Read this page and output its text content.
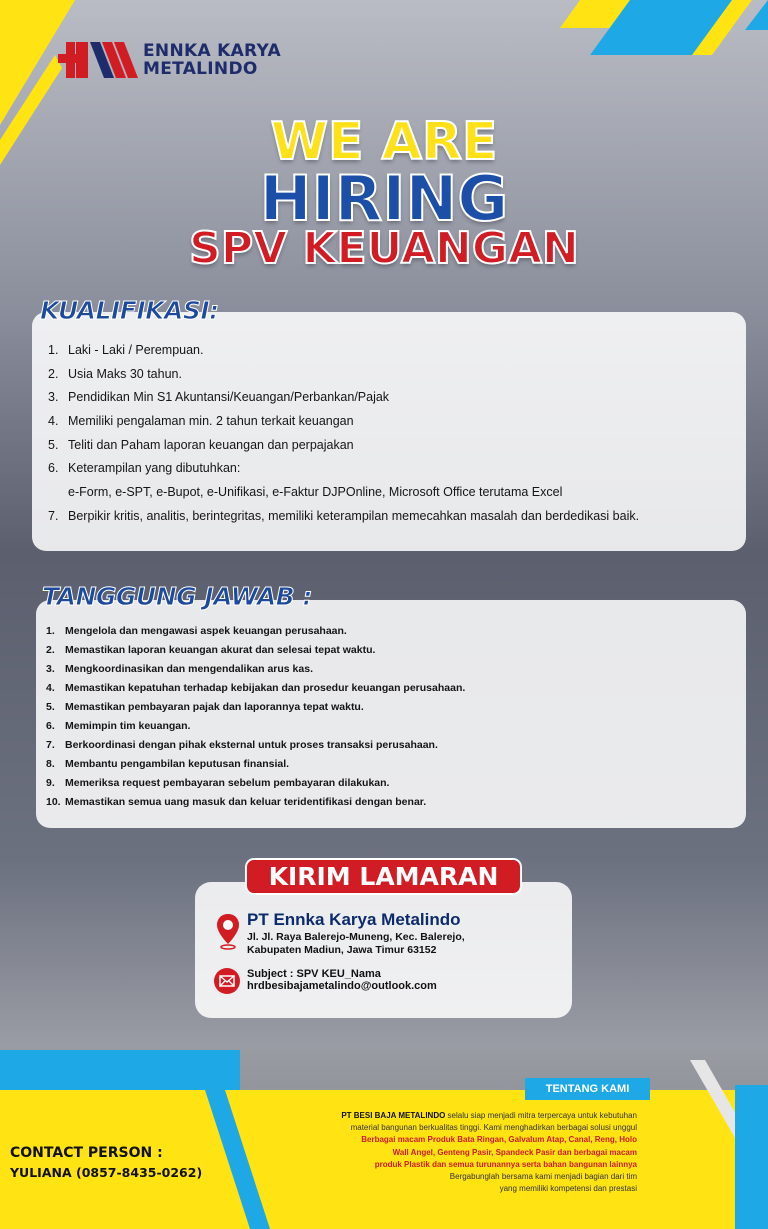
ENNKA KARYA
METALINDO
WE ARE
HIRING
SPV KEUANGAN
KUALIFIKASI:
1. Laki - Laki / Perempuan.
2. Usia Maks 30 tahun.
3. Pendidikan Min S1 Akuntansi/Keuangan/Perbankan/Pajak
4. Memiliki pengalaman min. 2 tahun terkait keuangan
5. Teliti dan Paham laporan keuangan dan perpajakan
6. Keterampilan yang dibutuhkan:
e-Form, e-SPT, e-Bupot, e-Unifikasi, e-Faktur DJPOnline, Microsoft Office terutama Excel
7. Berpikir kritis, analitis, berintegritas, memiliki keterampilan memecahkan masalah dan berdedikasi baik.
TANGGUNG JAWAB :
1. Mengelola dan mengawasi aspek keuangan perusahaan.
2. Memastikan laporan keuangan akurat dan selesai tepat waktu.
3. Mengkoordinasikan dan mengendalikan arus kas.
4. Memastikan kepatuhan terhadap kebijakan dan prosedur keuangan perusahaan.
5. Memastikan pembayaran pajak dan laporannya tepat waktu.
6. Memimpin tim keuangan.
7. Berkoordinasi dengan pihak eksternal untuk proses transaksi perusahaan.
8. Membantu pengambilan keputusan finansial.
9. Memeriksa request pembayaran sebelum pembayaran dilakukan.
10. Memastikan semua uang masuk dan keluar teridentifikasi dengan benar.
KIRIM LAMARAN
PT Ennka Karya Metalindo
Jl. Jl. Raya Balerejo-Muneng, Kec. Balerejo,
Kabupaten Madiun, Jawa Timur 63152
Subject : SPV KEU_Nama
hrdbesibajametalindo@outlook.com
TENTANG KAMI
CONTACT PERSON :
YULIANA (0857-8435-0262)
PT BESI BAJA METALINDO selalu siap menjadi mitra terpercaya untuk kebutuhan
material bangunan berkualitas tinggi. Kami menghadirkan berbagai solusi unggul
Berbagai macam Produk Bata Ringan, Galvalum Atap, Canal, Reng, Holo
Wall Angel, Genteng Pasir, Spandeck Pasir dan berbagai macam
produk Plastik dan semua turunannya serta bahan bangunan lainnya
Bergabunglah bersama kami menjadi bagian dari tim
yang memiliki kompetensi dan prestasi
